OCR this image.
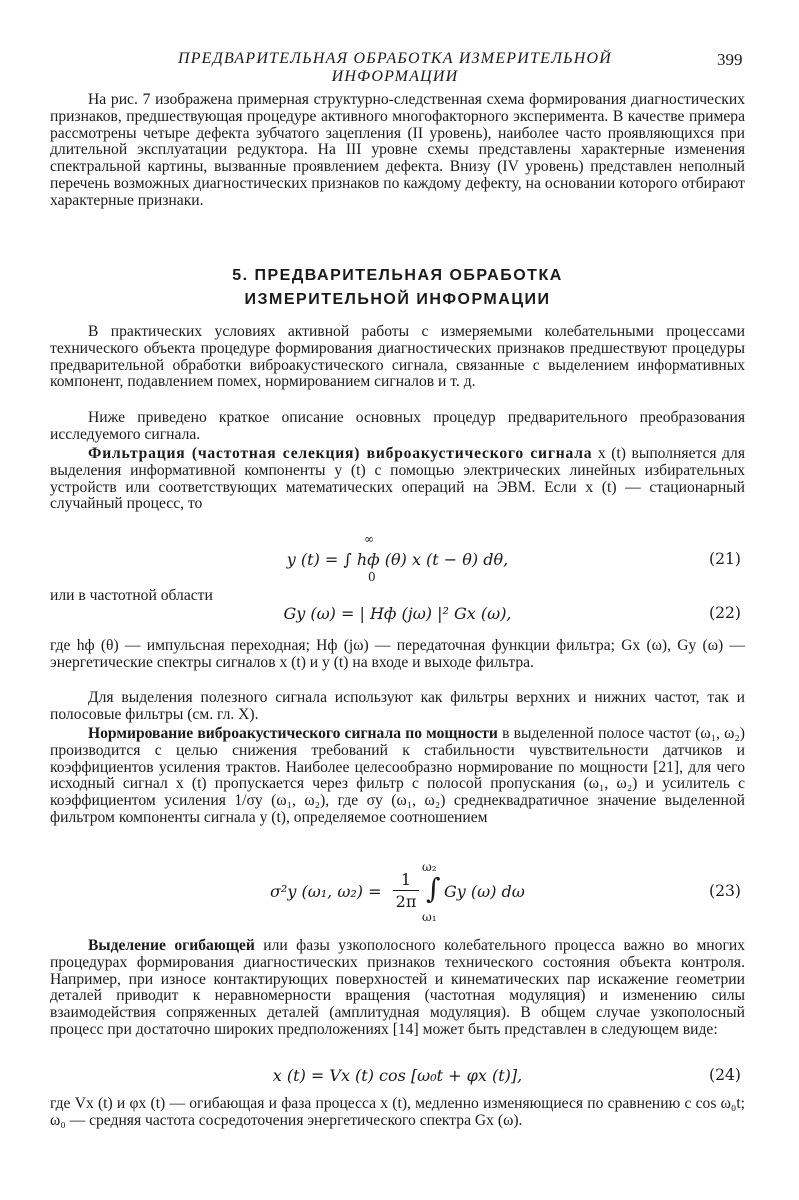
ПРЕДВАРИТЕЛЬНАЯ ОБРАБОТКА ИЗМЕРИТЕЛЬНОЙ ИНФОРМАЦИИ
399

На рис. 7 изображена примерная структурно-следственная схема формирования диагностических признаков, предшествующая процедуре активного многофакторного эксперимента. В качестве примера рассмотрены четыре дефекта зубчатого зацепления (II уровень), наиболее часто проявляющихся при длительной эксплуатации редуктора. На III уровне схемы представлены характерные изменения спектральной картины, вызванные проявлением дефекта. Внизу (IV уровень) представлен неполный перечень возможных диагностических признаков по каждому дефекту, на основании которого отбирают характерные признаки.

5. ПРЕДВАРИТЕЛЬНАЯ ОБРАБОТКА
ИЗМЕРИТЕЛЬНОЙ ИНФОРМАЦИИ

В практических условиях активной работы с измеряемыми колебательными процессами технического объекта процедуре формирования диагностических признаков предшествуют процедуры предварительной обработки виброакустического сигнала, связанные с выделением информативных компонент, подавлением помех, нормированием сигналов и т. д.

Ниже приведено краткое описание основных процедур предварительного преобразования исследуемого сигнала.

Фильтрация (частотная селекция) виброакустического сигнала x (t) выполняется для выделения информативной компоненты y (t) с помощью электрических линейных избирательных устройств или соответствующих математических операций на ЭВМ. Если x (t) — стационарный случайный процесс, то

y (t) = ∫ hф (θ) x (t − θ) dθ,
∞
0
(21)

или в частотной области

Gy (ω) = | Hф (jω) |² Gx (ω),	(22)

где hф (θ) — импульсная переходная; Hф (jω) — передаточная функции фильтра; Gx (ω), Gy (ω) — энергетические спектры сигналов x (t) и y (t) на входе и выходе фильтра.

Для выделения полезного сигнала используют как фильтры верхних и нижних частот, так и полосовые фильтры (см. гл. X).

Нормирование виброакустического сигнала по мощности в выделенной полосе частот (ω₁, ω₂) производится с целью снижения требований к стабильности чувствительности датчиков и коэффициентов усиления трактов. Наиболее целесообразно нормирование по мощности [21], для чего исходный сигнал x (t) пропускается через фильтр с полосой пропускания (ω₁, ω₂) и усилитель с коэффициентом усиления 1/σy (ω₁, ω₂), где σy (ω₁, ω₂) среднеквадратичное значение выделенной фильтром компоненты сигнала y (t), определяемое соотношением

σ²y (ω₁, ω₂) =
1
2π ∫
ω₂
ω₁
Gy (ω) dω	(23)

Выделение огибающей или фазы узкополосного колебательного процесса важно во многих процедурах формирования диагностических признаков технического состояния объекта контроля. Например, при износе контактирующих поверхностей и кинематических пар искажение геометрии деталей приводит к неравномерности вращения (частотная модуляция) и изменению силы взаимодействия сопряженных деталей (амплитудная модуляция). В общем случае узкополосный процесс при достаточно широких предположениях [14] может быть представлен в следующем виде:

x (t) = Vx (t) cos [ω₀t + φx (t)],	(24)

где Vx (t) и φx (t) — огибающая и фаза процесса x (t), медленно изменяющиеся по сравнению с cos ω₀t; ω₀ — средняя частота сосредоточения энергетического спектра Gx (ω).
